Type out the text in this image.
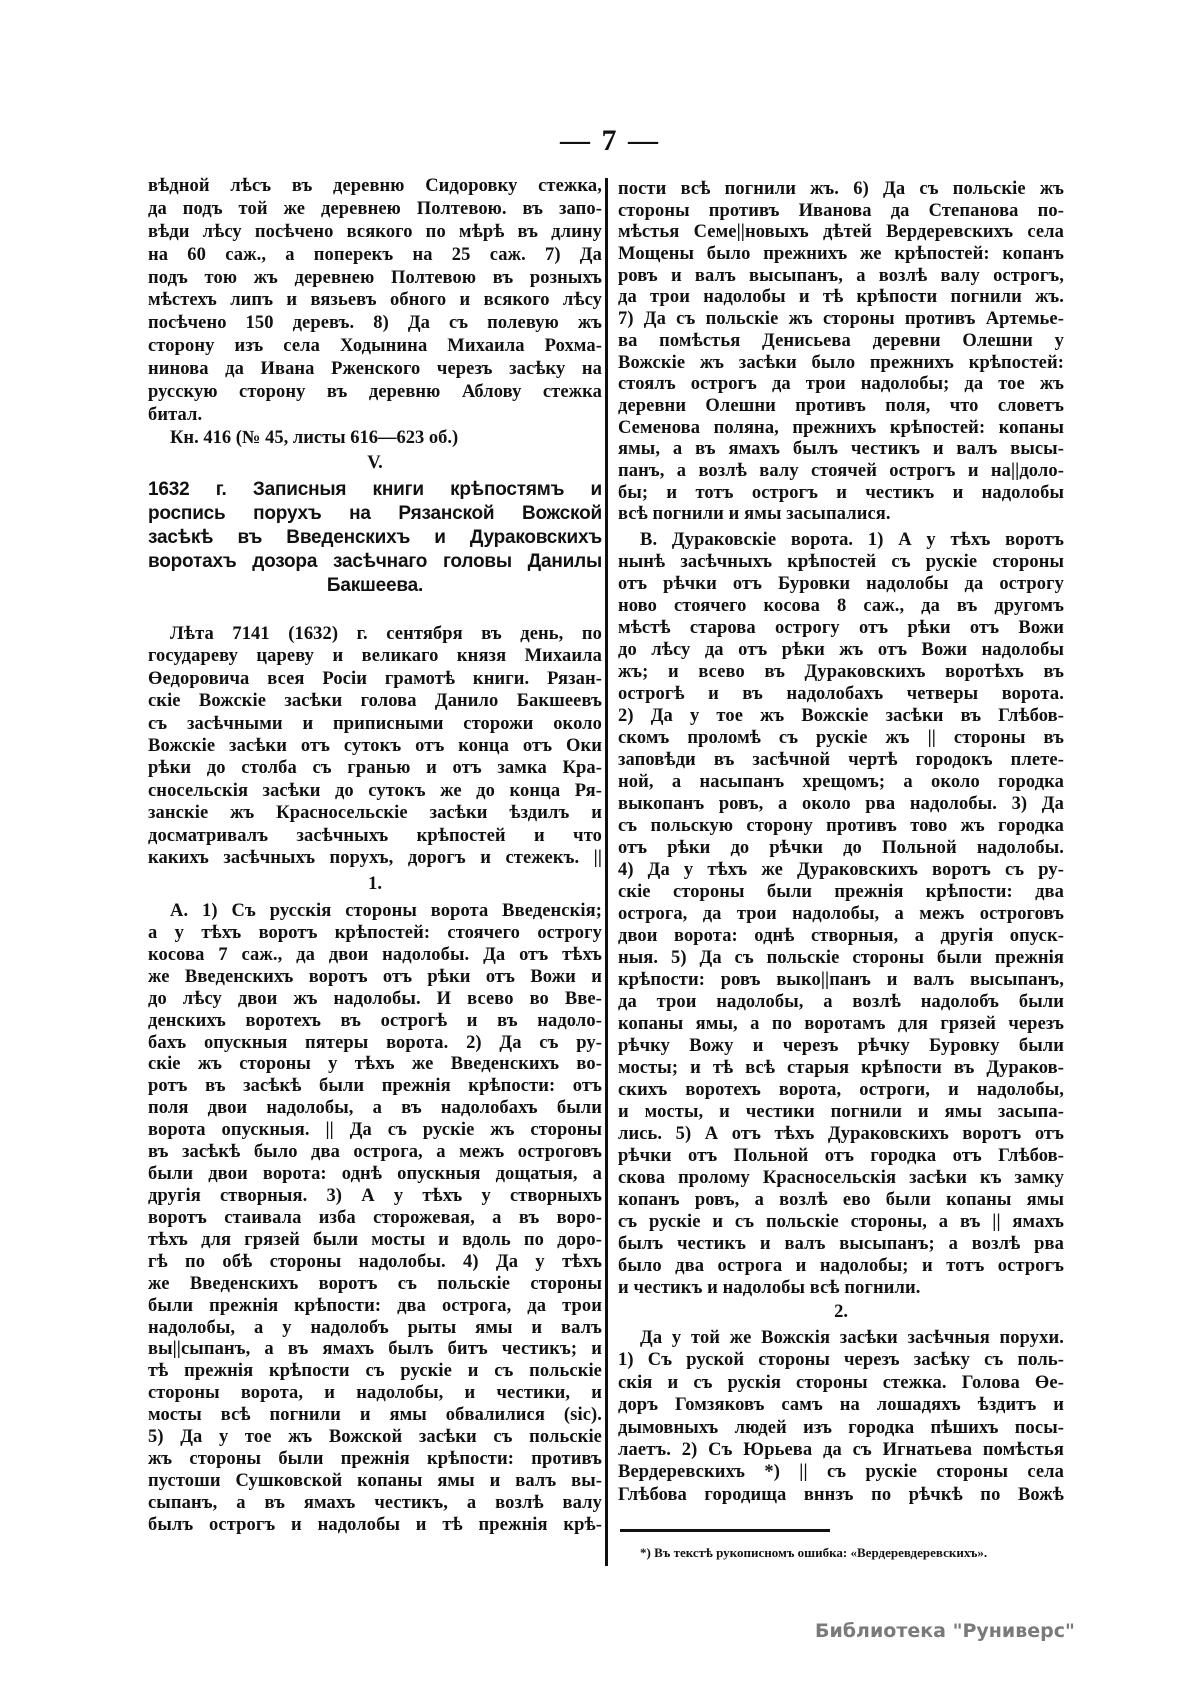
— 7 —
вѣдной лѣсъ въ деревню Сидоровку стежка,
да подъ той же деревнею Полтевою. въ запо-
вѣди лѣсу посѣчено всякого по мѣрѣ въ длину
на 60 саж., а поперекъ на 25 саж. 7) Да
подъ тою жъ деревнею Полтевою въ розныхъ
мѣстехъ липъ и вязьевъ обного и всякого лѣсу
посѣчено 150 деревъ. 8) Да съ полевую жъ
сторону изъ села Ходынина Михаила Рохма-
нинова да Ивана Рженского черезъ засѣку на
русскую сторону въ деревню Аблову стежка
битал.
Кн. 416 (№ 45, листы 616—623 об.)
V.
1632 г. Записныя книги крѣпостямъ и
роспись порухъ на Рязанской Вожской
засѣкѣ въ Введенскихъ и Дураковскихъ
воротахъ дозора засѣчнаго головы Данилы
Бакшеева.
Лѣта 7141 (1632) г. сентября въ день, по
государеву цареву и великаго князя Михаила
Өедоровича всея Росіи грамотѣ книги. Рязан-
скіе Вожскіе засѣки голова Данило Бакшеевъ
съ засѣчными и приписными сторожи около
Вожскіе засѣки отъ сутокъ отъ конца отъ Оки
рѣки до столба съ гранью и отъ замка Кра-
сносельскія засѣки до сутокъ же до конца Ря-
занскіе жъ Красносельскіе засѣки ѣздилъ и
досматривалъ засѣчныхъ крѣпостей и что
какихъ засѣчныхъ порухъ, дорогъ и стежекъ. ||
1.
А. 1) Съ русскія стороны ворота Введенскія;
а у тѣхъ воротъ крѣпостей: стоячего острогу
косова 7 саж., да двои надолобы. Да отъ тѣхъ
же Введенскихъ воротъ отъ рѣки отъ Вожи и
до лѣсу двои жъ надолобы. И всево во Вве-
денскихъ воротехъ въ острогѣ и въ надоло-
бахъ опускныя пятеры ворота. 2) Да съ ру-
скіе жъ стороны у тѣхъ же Введенскихъ во-
ротъ въ засѣкѣ были прежнія крѣпости: отъ
поля двои надолобы, а въ надолобахъ были
ворота опускныя. || Да съ рускіе жъ стороны
въ засѣкѣ было два острога, а межъ остроговъ
были двои ворота: однѣ опускныя дощатыя, а
другія створныя. 3) А у тѣхъ у створныхъ
воротъ стаивала изба сторожевая, а въ воро-
тѣхъ для грязей были мосты и вдоль по доро-
гѣ по обѣ стороны надолобы. 4) Да у тѣхъ
же Введенскихъ воротъ съ польскіе стороны
были прежнія крѣпости: два острога, да трои
надолобы, а у надолобъ рыты ямы и валъ
вы||сыпанъ, а въ ямахъ былъ битъ честикъ; и
тѣ прежнія крѣпости съ рускіе и съ польскіе
стороны ворота, и надолобы, и честики, и
мосты всѣ погнили и ямы обвалилися (sic).
5) Да у тое жъ Вожской засѣки съ польскіе
жъ стороны были прежнія крѣпости: противъ
пустоши Сушковской копаны ямы и валъ вы-
сыпанъ, а въ ямахъ честикъ, а возлѣ валу
былъ острогъ и надолобы и тѣ прежнія крѣ-
пости всѣ погнили жъ. 6) Да съ польскіе жъ
стороны противъ Иванова да Степанова по-
мѣстья Семе||новыхъ дѣтей Вердеревскихъ села
Мощены было прежнихъ же крѣпостей: копанъ
ровъ и валъ высыпанъ, а возлѣ валу острогъ,
да трои надолобы и тѣ крѣпости погнили жъ.
7) Да съ польскіе жъ стороны противъ Артемье-
ва помѣстья Денисьева деревни Олешни у
Вожскіе жъ засѣки было прежнихъ крѣпостей:
стоялъ острогъ да трои надолобы; да тое жъ
деревни Олешни противъ поля, что словетъ
Семенова поляна, прежнихъ крѣпостей: копаны
ямы, а въ ямахъ былъ честикъ и валъ высы-
панъ, а возлѣ валу стоячей острогъ и на||доло-
бы; и тотъ острогъ и честикъ и надолобы
всѣ погнили и ямы засыпалися.
В. Дураковскіе ворота. 1) А у тѣхъ воротъ
нынѣ засѣчныхъ крѣпостей съ рускіе стороны
отъ рѣчки отъ Буровки надолобы да острогу
ново стоячего косова 8 саж., да въ другомъ
мѣстѣ старова острогу отъ рѣки отъ Вожи
до лѣсу да отъ рѣки жъ отъ Вожи надолобы
жъ; и всево въ Дураковскихъ воротѣхъ въ
острогѣ и въ надолобахъ четверы ворота.
2) Да у тое жъ Вожскіе засѣки въ Глѣбов-
скомъ проломѣ съ рускіе жъ || стороны въ
заповѣди въ засѣчной чертѣ городокъ плете-
ной, а насыпанъ хрещомъ; а около городка
выкопанъ ровъ, а около рва надолобы. 3) Да
съ польскую сторону противъ тово жъ городка
отъ рѣки до рѣчки до Польной надолобы.
4) Да у тѣхъ же Дураковскихъ воротъ съ ру-
скіе стороны были прежнія крѣпости: два
острога, да трои надолобы, а межъ остроговъ
двои ворота: однѣ створныя, а другія опуск-
ныя. 5) Да съ польскіе стороны были прежнія
крѣпости: ровъ выко||панъ и валъ высыпанъ,
да трои надолобы, а возлѣ надолобъ были
копаны ямы, а по воротамъ для грязей черезъ
рѣчку Вожу и черезъ рѣчку Буровку были
мосты; и тѣ всѣ старыя крѣпости въ Дураков-
скихъ воротехъ ворота, остроги, и надолобы,
и мосты, и честики погнили и ямы засыпа-
лись. 5) А отъ тѣхъ Дураковскихъ воротъ отъ
рѣчки отъ Польной отъ городка отъ Глѣбов-
скова пролому Красносельскія засѣки къ замку
копанъ ровъ, а возлѣ ево были копаны ямы
съ рускіе и съ польскіе стороны, а въ || ямахъ
былъ честикъ и валъ высыпанъ; а возлѣ рва
было два острога и надолобы; и тотъ острогъ
и честикъ и надолобы всѣ погнили.
2.
Да у той же Вожскія засѣки засѣчныя порухи.
1) Съ руской стороны черезъ засѣку съ поль-
скія и съ рускія стороны стежка. Голова Өе-
доръ Гомзяковъ самъ на лошадяхъ ѣздитъ и
дымовныхъ людей изъ городка пѣшихъ посы-
лаетъ. 2) Съ Юрьева да съ Игнатьева помѣстья
Вердеревскихъ *) || съ рускіе стороны села
Глѣбова городища вннзъ по рѣчкѣ по Вожѣ
*) Въ текстѣ рукописномъ ошибка: «Вердеревдеревскихъ».
Библиотека "Руниверс"
